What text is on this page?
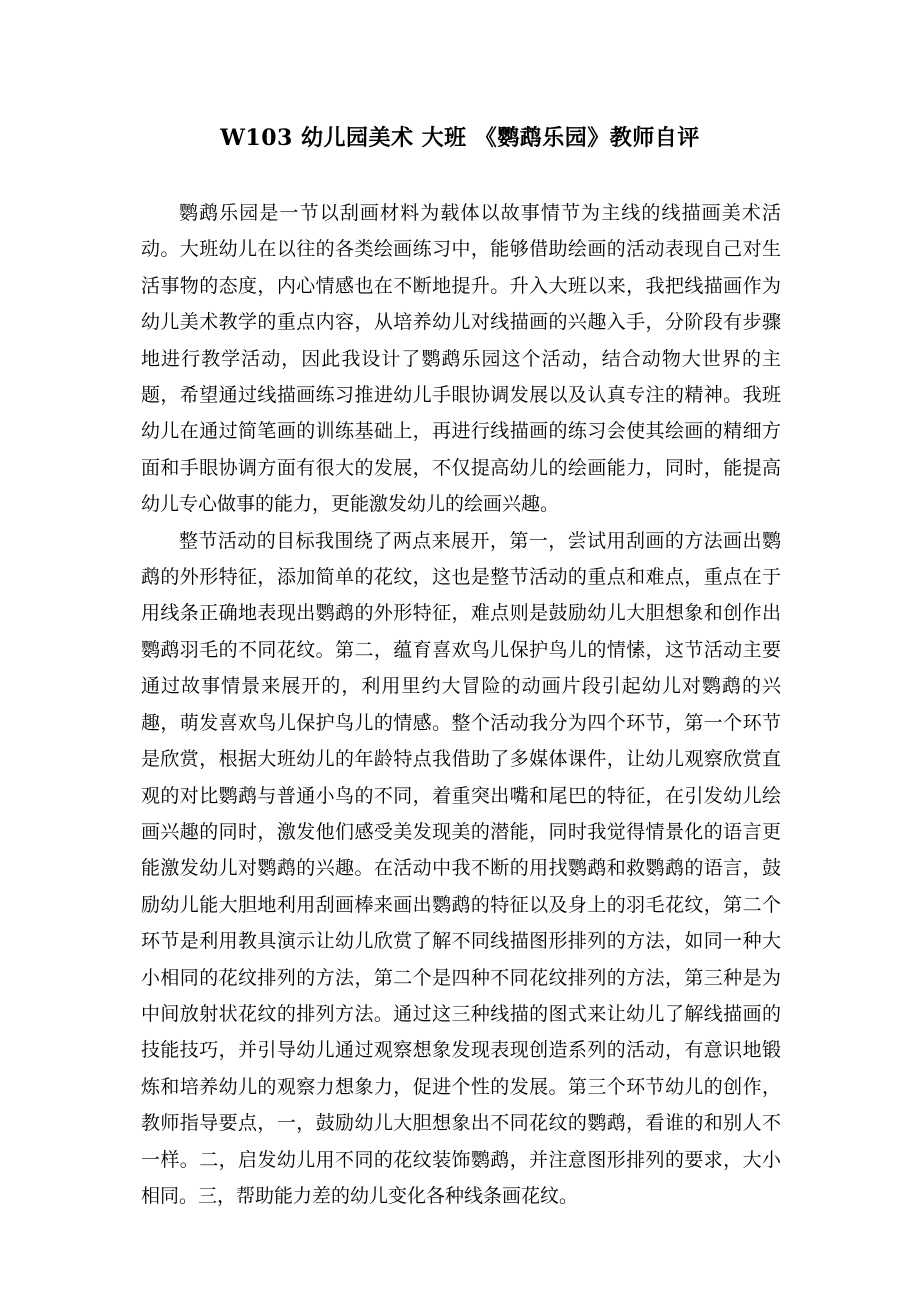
W103 幼儿园美术 大班 《鹦鹉乐园》教师自评

鹦鹉乐园是一节以刮画材料为载体以故事情节为主线的线描画美术活动。大班幼儿在以往的各类绘画练习中，能够借助绘画的活动表现自己对生活事物的态度，内心情感也在不断地提升。升入大班以来，我把线描画作为幼儿美术教学的重点内容，从培养幼儿对线描画的兴趣入手，分阶段有步骤地进行教学活动，因此我设计了鹦鹉乐园这个活动，结合动物大世界的主题，希望通过线描画练习推进幼儿手眼协调发展以及认真专注的精神。我班幼儿在通过简笔画的训练基础上，再进行线描画的练习会使其绘画的精细方面和手眼协调方面有很大的发展，不仅提高幼儿的绘画能力，同时，能提高幼儿专心做事的能力，更能激发幼儿的绘画兴趣。

整节活动的目标我围绕了两点来展开，第一，尝试用刮画的方法画出鹦鹉的外形特征，添加简单的花纹，这也是整节活动的重点和难点，重点在于用线条正确地表现出鹦鹉的外形特征，难点则是鼓励幼儿大胆想象和创作出鹦鹉羽毛的不同花纹。第二，蕴育喜欢鸟儿保护鸟儿的情愫，这节活动主要通过故事情景来展开的，利用里约大冒险的动画片段引起幼儿对鹦鹉的兴趣，萌发喜欢鸟儿保护鸟儿的情感。整个活动我分为四个环节，第一个环节是欣赏，根据大班幼儿的年龄特点我借助了多媒体课件，让幼儿观察欣赏直观的对比鹦鹉与普通小鸟的不同，着重突出嘴和尾巴的特征，在引发幼儿绘画兴趣的同时，激发他们感受美发现美的潜能，同时我觉得情景化的语言更能激发幼儿对鹦鹉的兴趣。在活动中我不断的用找鹦鹉和救鹦鹉的语言，鼓励幼儿能大胆地利用刮画棒来画出鹦鹉的特征以及身上的羽毛花纹，第二个环节是利用教具演示让幼儿欣赏了解不同线描图形排列的方法，如同一种大小相同的花纹排列的方法，第二个是四种不同花纹排列的方法，第三种是为中间放射状花纹的排列方法。通过这三种线描的图式来让幼儿了解线描画的技能技巧，并引导幼儿通过观察想象发现表现创造系列的活动，有意识地锻炼和培养幼儿的观察力想象力，促进个性的发展。第三个环节幼儿的创作，教师指导要点，一，鼓励幼儿大胆想象出不同花纹的鹦鹉，看谁的和别人不一样。二，启发幼儿用不同的花纹装饰鹦鹉，并注意图形排列的要求，大小相同。三，帮助能力差的幼儿变化各种线条画花纹。
